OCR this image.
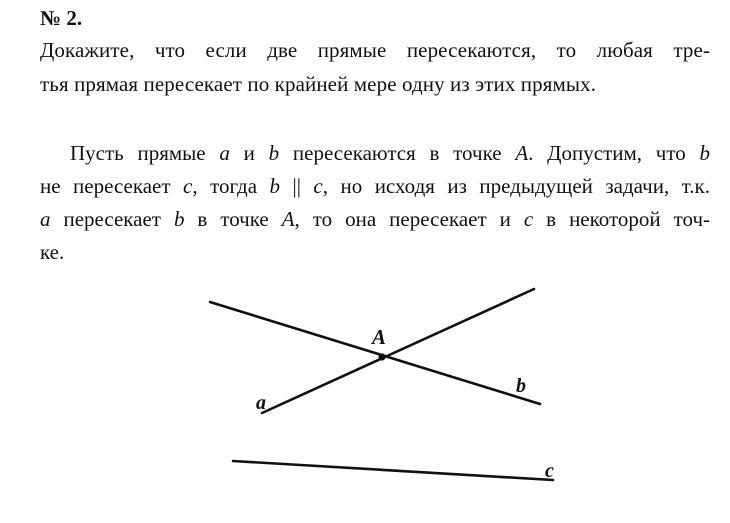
№ 2.
Докажите, что если две прямые пересекаются, то любая тре-
тья прямая пересекает по крайней мере одну из этих прямых.
Пусть прямые a и b пересекаются в точке A. Допустим, что b
не пересекает c, тогда b || c, но исходя из предыдущей задачи, т.к.
a пересекает b в точке A, то она пересекает и c в некоторой точ-
ке.
A
a
b
c
